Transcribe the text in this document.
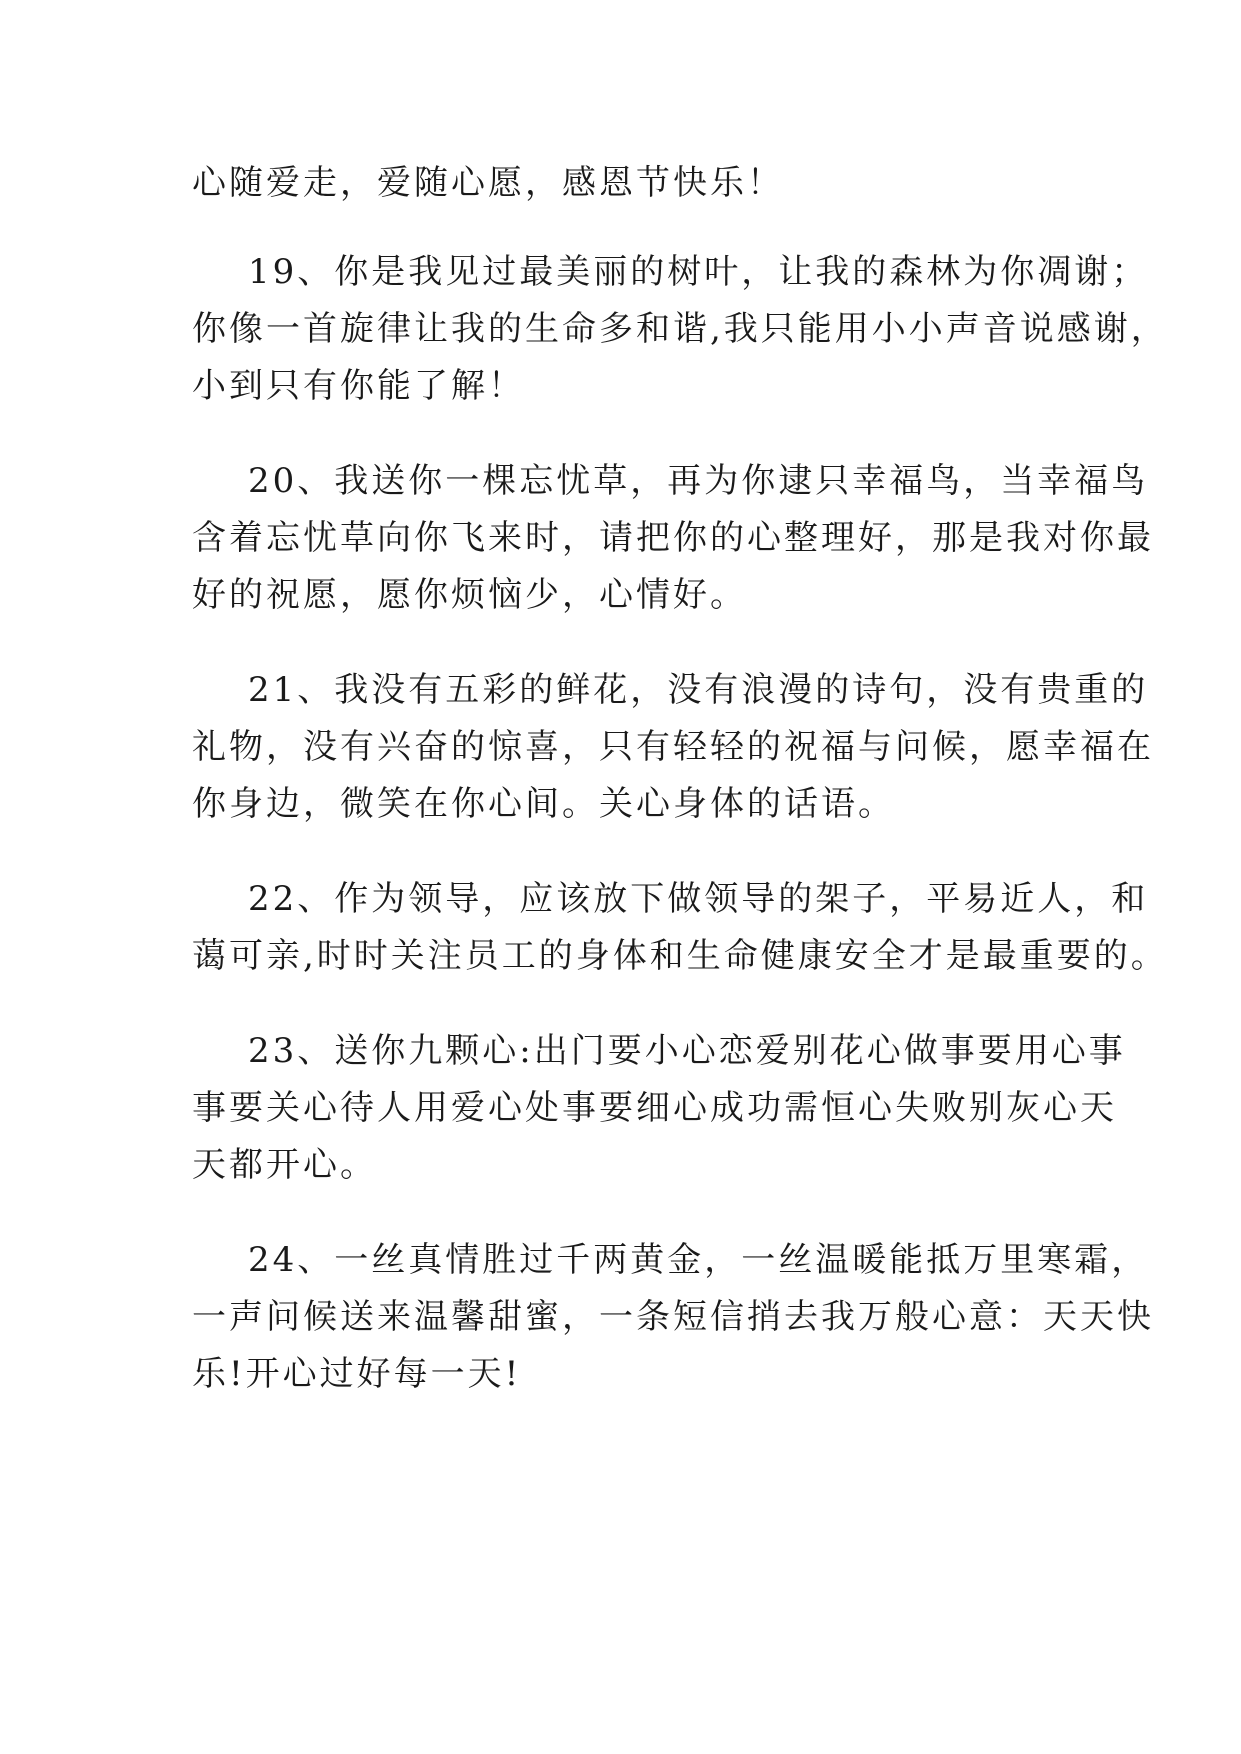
心随爱走，爱随心愿，感恩节快乐！
19、你是我见过最美丽的树叶，让我的森林为你凋谢；
你像一首旋律让我的生命多和谐,我只能用小小声音说感谢，
小到只有你能了解！
20、我送你一棵忘忧草，再为你逮只幸福鸟，当幸福鸟
含着忘忧草向你飞来时，请把你的心整理好，那是我对你最
好的祝愿，愿你烦恼少，心情好。
21、我没有五彩的鲜花，没有浪漫的诗句，没有贵重的
礼物，没有兴奋的惊喜，只有轻轻的祝福与问候，愿幸福在
你身边，微笑在你心间。关心身体的话语。
22、作为领导，应该放下做领导的架子，平易近人，和
蔼可亲,时时关注员工的身体和生命健康安全才是最重要的。
23、送你九颗心:出门要小心恋爱别花心做事要用心事
事要关心待人用爱心处事要细心成功需恒心失败别灰心天
天都开心。
24、一丝真情胜过千两黄金，一丝温暖能抵万里寒霜，
一声问候送来温馨甜蜜，一条短信捎去我万般心意：天天快
乐!开心过好每一天!
